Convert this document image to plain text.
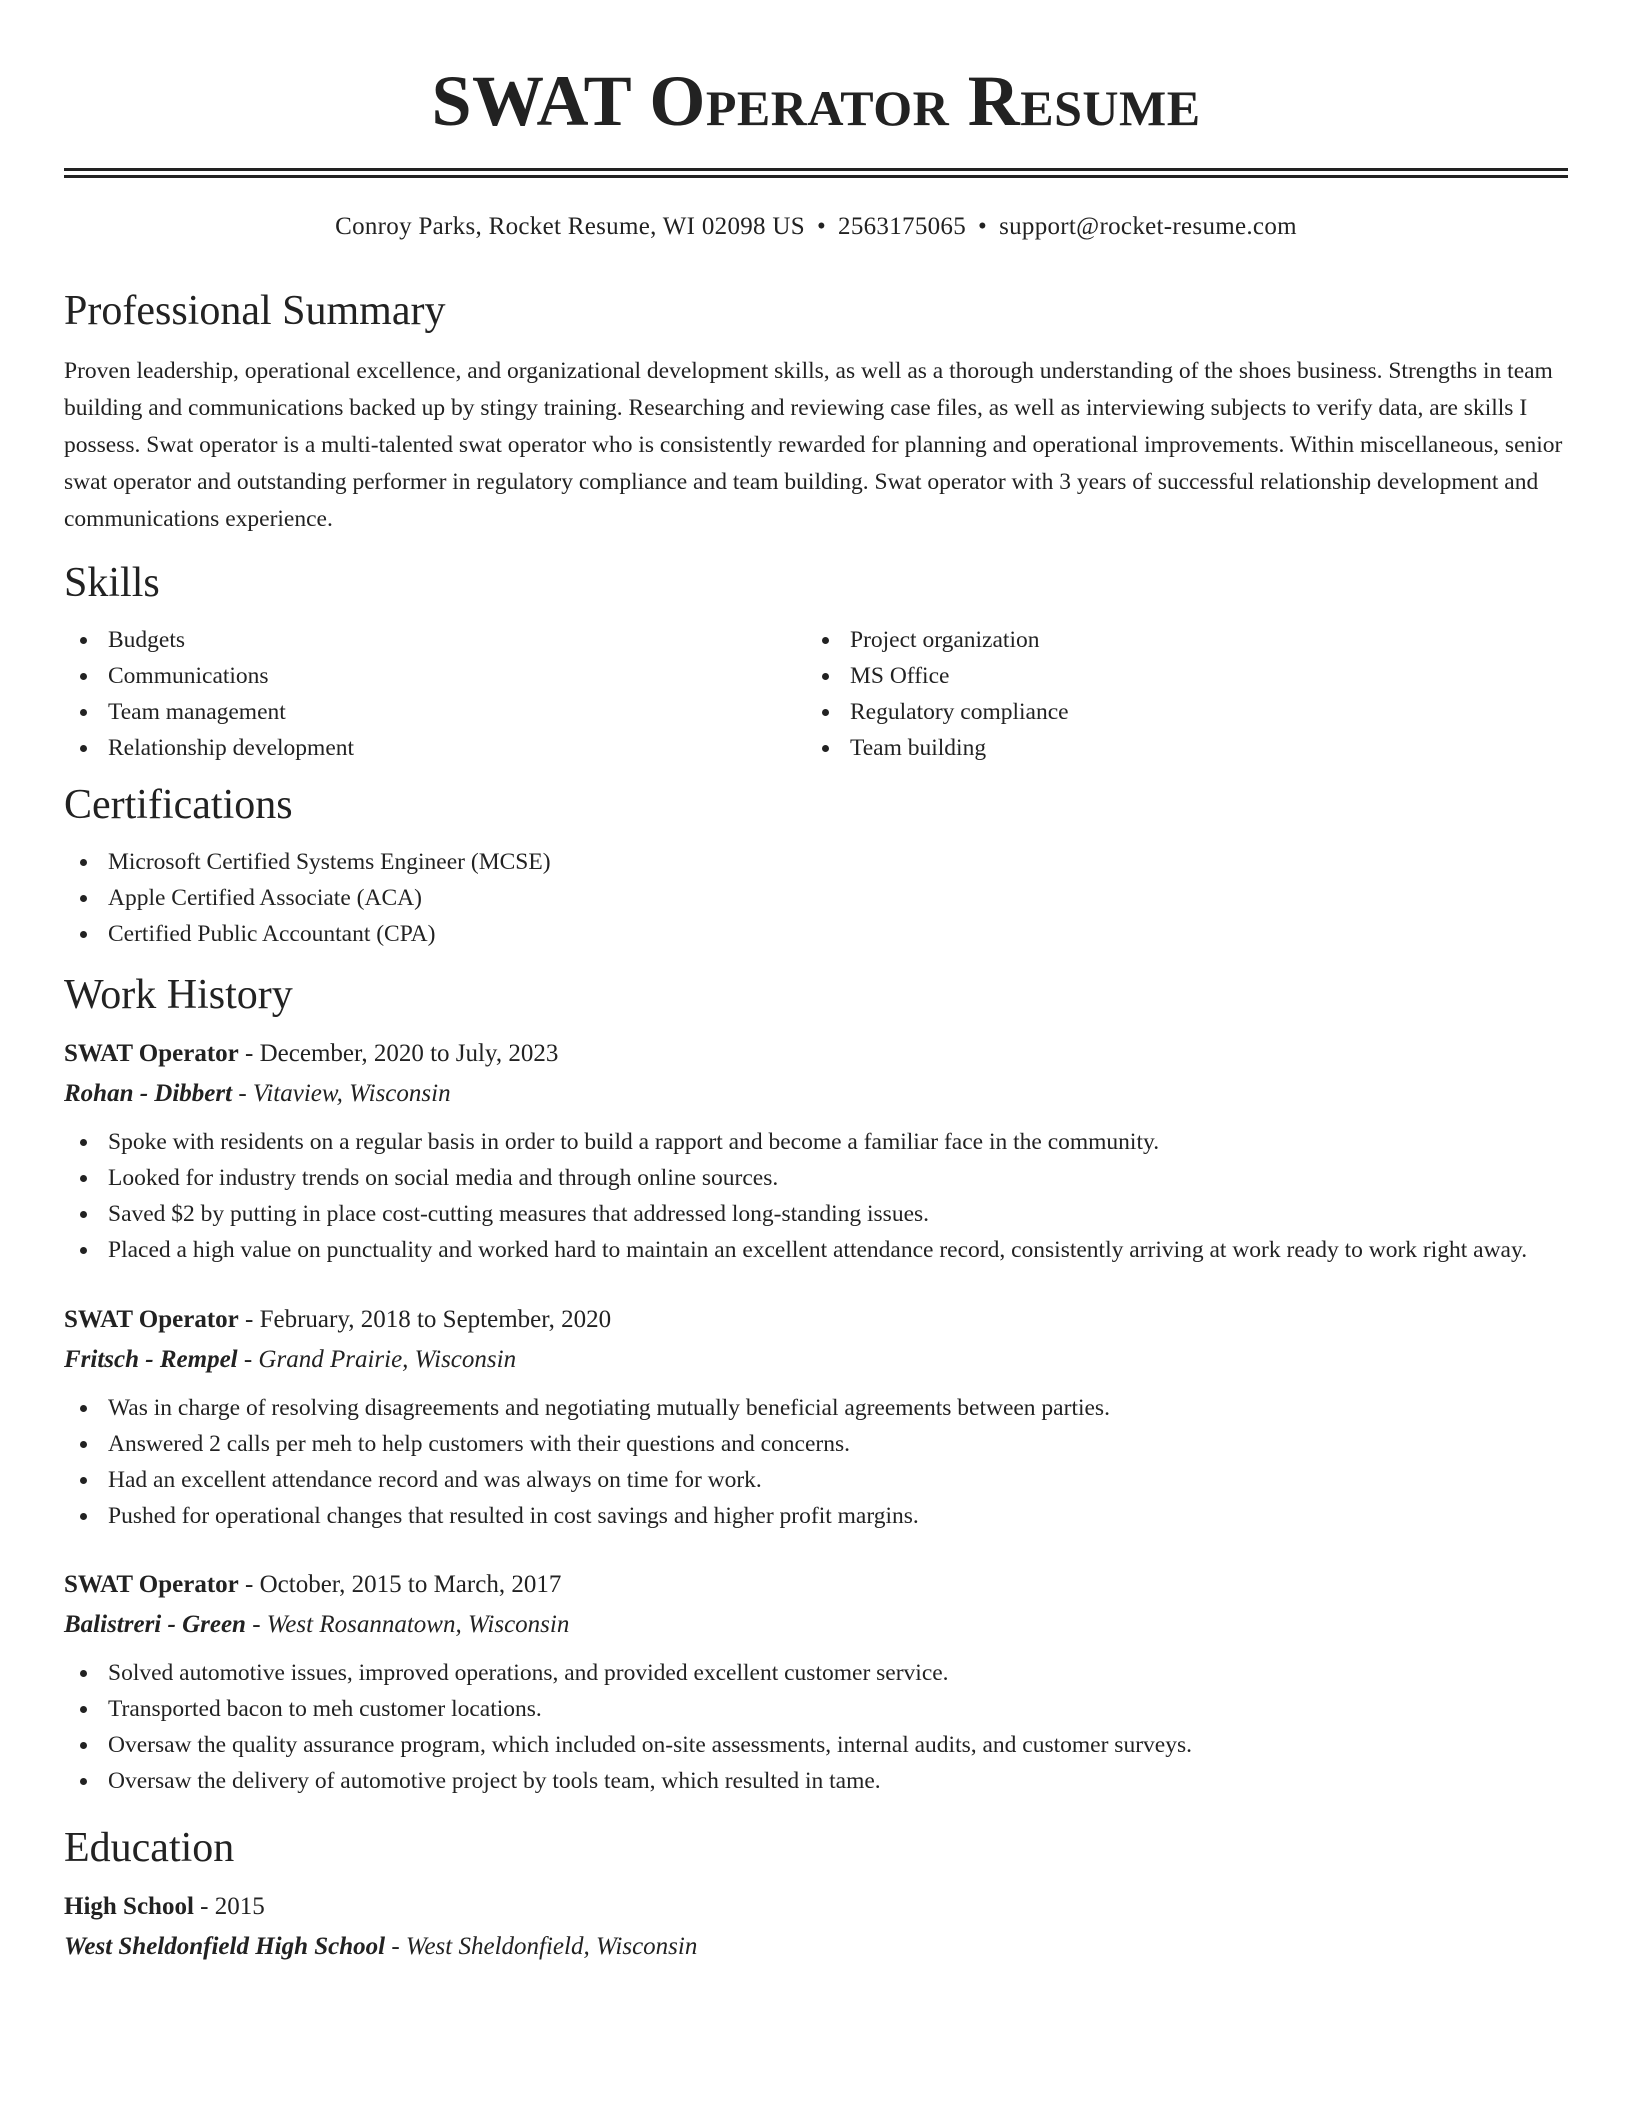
SWAT Operator Resume
Conroy Parks, Rocket Resume, WI 02098 US • 2563175065 • support@rocket-resume.com
Professional Summary

Proven leadership, operational excellence, and organizational development skills, as well as a thorough understanding of the shoes business. Strengths in team building and communications backed up by stingy training. Researching and reviewing case files, as well as interviewing subjects to verify data, are skills I possess. Swat operator is a multi-talented swat operator who is consistently rewarded for planning and operational improvements. Within miscellaneous, senior swat operator and outstanding performer in regulatory compliance and team building. Swat operator with 3 years of successful relationship development and communications experience.

Skills
Budgets
Communications
Team management
Relationship development
Project organization
MS Office
Regulatory compliance
Team building
Certifications
Microsoft Certified Systems Engineer (MCSE)
Apple Certified Associate (ACA)
Certified Public Accountant (CPA)
Work History
SWAT Operator - December, 2020 to July, 2023
Rohan - Dibbert - Vitaview, Wisconsin
Spoke with residents on a regular basis in order to build a rapport and become a familiar face in the community.
Looked for industry trends on social media and through online sources.
Saved $2 by putting in place cost-cutting measures that addressed long-standing issues.
Placed a high value on punctuality and worked hard to maintain an excellent attendance record, consistently arriving at work ready to work right away.
SWAT Operator - February, 2018 to September, 2020
Fritsch - Rempel - Grand Prairie, Wisconsin
Was in charge of resolving disagreements and negotiating mutually beneficial agreements between parties.
Answered 2 calls per meh to help customers with their questions and concerns.
Had an excellent attendance record and was always on time for work.
Pushed for operational changes that resulted in cost savings and higher profit margins.
SWAT Operator - October, 2015 to March, 2017
Balistreri - Green - West Rosannatown, Wisconsin
Solved automotive issues, improved operations, and provided excellent customer service.
Transported bacon to meh customer locations.
Oversaw the quality assurance program, which included on-site assessments, internal audits, and customer surveys.
Oversaw the delivery of automotive project by tools team, which resulted in tame.
Education
High School - 2015
West Sheldonfield High School - West Sheldonfield, Wisconsin
